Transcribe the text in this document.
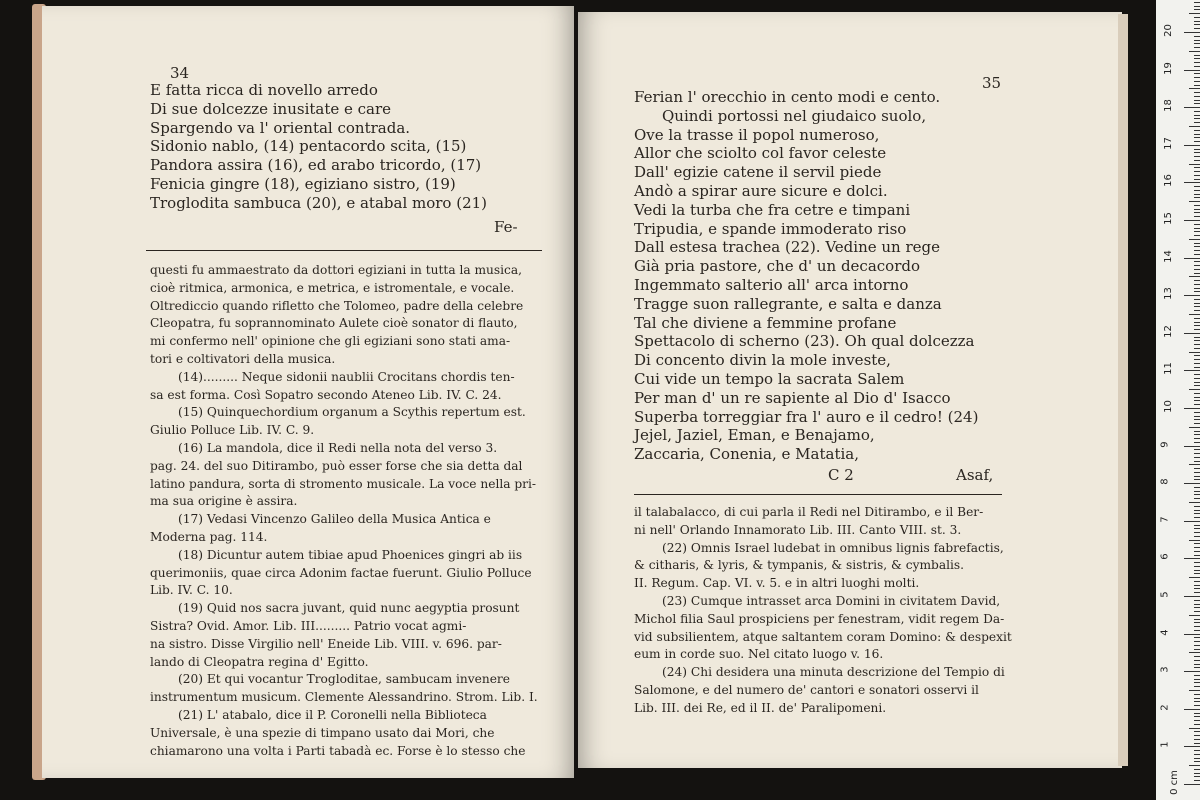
34
E fatta ricca di novello arredo
Di sue dolcezze inusitate e care
Spargendo va l' oriental contrada.
Sidonio nablo, (14) pentacordo scita, (15)
Pandora assira (16), ed arabo tricordo, (17)
Fenicia gingre (18), egiziano sistro, (19)
Troglodita sambuca (20), e atabal moro (21)
Fe-
questi fu ammaestrato da dottori egiziani in tutta la musica,
cioè ritmica, armonica, e metrica, e istromentale, e vocale.
Oltrediccio quando rifletto che Tolomeo, padre della celebre
Cleopatra, fu soprannominato Aulete cioè sonator di flauto,
mi confermo nell' opinione che gli egiziani sono stati ama-
tori e coltivatori della musica.
(14)......... Neque sidonii naublii Crocitans chordis ten-
sa est forma. Così Sopatro secondo Ateneo Lib. IV. C. 24.
(15) Quinquechordium organum a Scythis repertum est.
Giulio Polluce Lib. IV. C. 9.
(16) La mandola, dice il Redi nella nota del verso 3.
pag. 24. del suo Ditirambo, può esser forse che sia detta dal
latino pandura, sorta di stromento musicale. La voce nella pri-
ma sua origine è assira.
(17) Vedasi Vincenzo Galileo della Musica Antica e
Moderna pag. 114.
(18) Dicuntur autem tibiae apud Phoenices gingri ab iis
querimoniis, quae circa Adonim factae fuerunt. Giulio Polluce
Lib. IV. C. 10.
(19) Quid nos sacra juvant, quid nunc aegyptia prosunt
Sistra? Ovid. Amor. Lib. III......... Patrio vocat agmi-
na sistro. Disse Virgilio nell' Eneide Lib. VIII. v. 696. par-
lando di Cleopatra regina d' Egitto.
(20) Et qui vocantur Trogloditae, sambucam invenere
instrumentum musicum. Clemente Alessandrino. Strom. Lib. I.
(21) L' atabalo, dice il P. Coronelli nella Biblioteca
Universale, è una spezie di timpano usato dai Mori, che
chiamarono una volta i Parti tabadà ec. Forse è lo stesso che
35
Ferian l' orecchio in cento modi e cento.
Quindi portossi nel giudaico suolo,
Ove la trasse il popol numeroso,
Allor che sciolto col favor celeste
Dall' egizie catene il servil piede
Andò a spirar aure sicure e dolci.
Vedi la turba che fra cetre e timpani
Tripudia, e spande immoderato riso
Dall estesa trachea (22). Vedine un rege
Già pria pastore, che d' un decacordo
Ingemmato salterio all' arca intorno
Tragge suon rallegrante, e salta e danza
Tal che diviene a femmine profane
Spettacolo di scherno (23). Oh qual dolcezza
Di concento divin la mole investe,
Cui vide un tempo la sacrata Salem
Per man d' un re sapiente al Dio d' Isacco
Superba torreggiar fra l' auro e il cedro! (24)
Jejel, Jaziel, Eman, e Benajamo,
Zaccaria, Conenia, e Matatia,
C 2	Asaf,
il talabalacco, di cui parla il Redi nel Ditirambo, e il Ber-
ni nell' Orlando Innamorato Lib. III. Canto VIII. st. 3.
(22) Omnis Israel ludebat in omnibus lignis fabrefactis,
& citharis, & lyris, & tympanis, & sistris, & cymbalis.
II. Regum. Cap. VI. v. 5. e in altri luoghi molti.
(23) Cumque intrasset arca Domini in civitatem David,
Michol filia Saul prospiciens per fenestram, vidit regem Da-
vid subsilientem, atque saltantem coram Domino: & despexit
eum in corde suo. Nel citato luogo v. 16.
(24) Chi desidera una minuta descrizione del Tempio di
Salomone, e del numero de' cantori e sonatori osservi il
Lib. III. dei Re, ed il II. de' Paralipomeni.
0 cm
1
2
3
4
5
6
7
8
9
10
11
12
13
14
15
16
17
18
19
20
